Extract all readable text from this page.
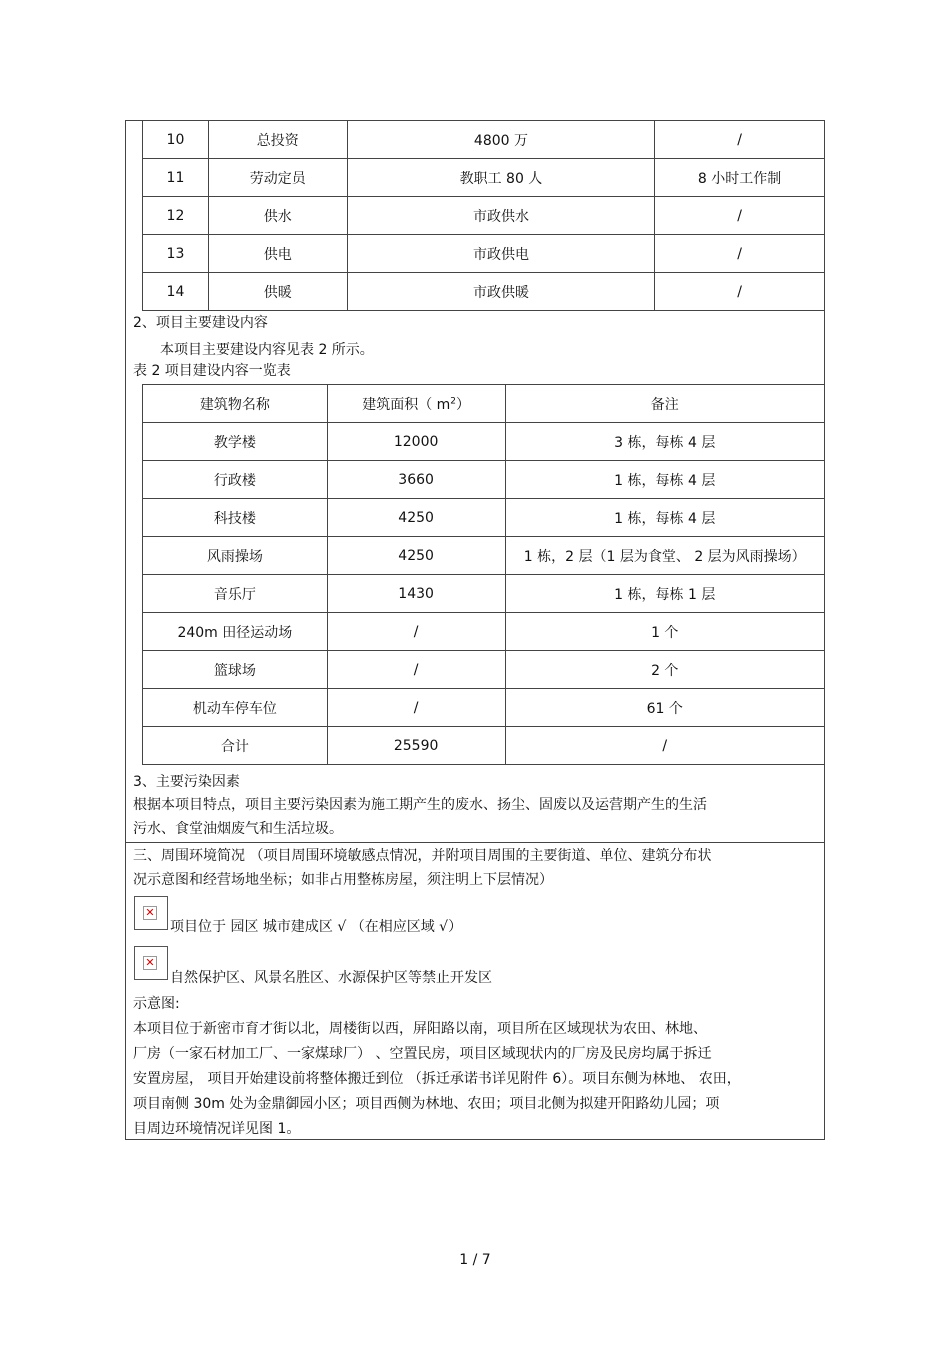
10	总投资	4800 万	/
11	劳动定员	教职工 80 人	8 小时工作制
12	供水	市政供水	/
13	供电	市政供电	/
14	供暖	市政供暖	/
2、项目主要建设内容
本项目主要建设内容见表 2 所示。
表 2 项目建设内容一览表
建筑物名称	建筑面积（ $m^2$）	备注
教学楼	12000	3 栋，每栋 4 层
行政楼	3660	1 栋，每栋 4 层
科技楼	4250	1 栋，每栋 4 层
风雨操场	4250	1 栋，2 层（1 层为食堂、 2 层为风雨操场）
音乐厅	1430	1 栋，每栋 1 层
240m 田径运动场	/	1 个
篮球场	/	2 个
机动车停车位	/	61 个
合计	25590	/
3、主要污染因素
根据本项目特点，项目主要污染因素为施工期产生的废水、扬尘、固废以及运营期产生的生活
污水、食堂油烟废气和生活垃圾。
三、周围环境简况 （项目周围环境敏感点情况，并附项目周围的主要街道、单位、建筑分布状
况示意图和经营场地坐标；如非占用整栋房屋，须注明上下层情况）
✕
项目位于 园区 城市建成区 √ （在相应区域 √）
✕
自然保护区、风景名胜区、水源保护区等禁止开发区
示意图:
本项目位于新密市育才街以北，周楼街以西，屏阳路以南，项目所在区域现状为农田、林地、
厂房（一家石材加工厂、一家煤球厂） 、空置民房，项目区域现状内的厂房及民房均属于拆迁
安置房屋， 项目开始建设前将整体搬迁到位 （拆迁承诺书详见附件 6）。项目东侧为林地、 农田，
项目南侧 30m 处为金鼎御园小区；项目西侧为林地、农田；项目北侧为拟建开阳路幼儿园；项
目周边环境情况详见图 1。
1 / 7
